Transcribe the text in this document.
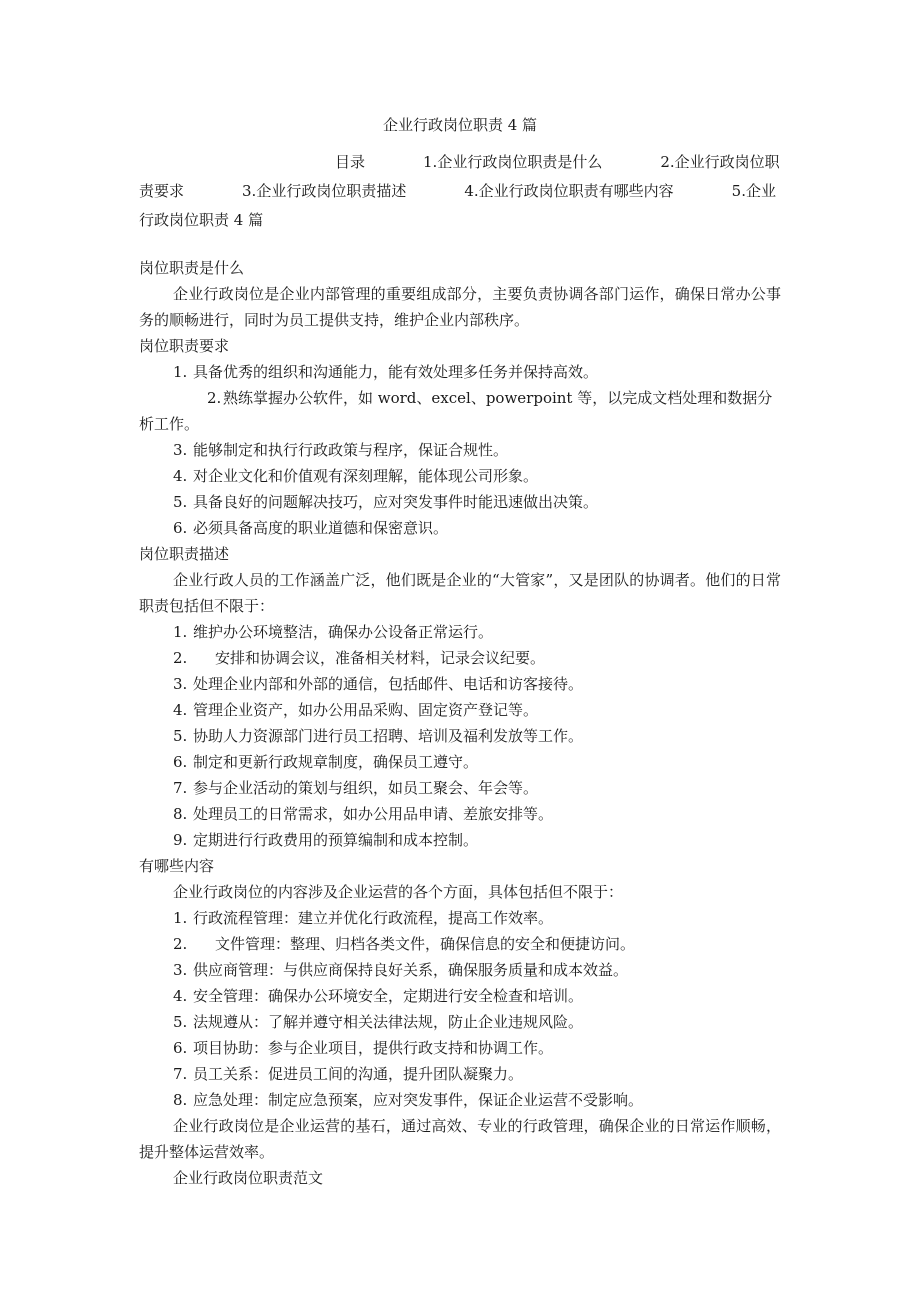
企业行政岗位职责 4 篇
目录  	1.企业行政岗位职责是什么  	2.企业行政岗位职责要求  	3.企业行政岗位职责描述  	4.企业行政岗位职责有哪些内容  	5.企业行政岗位职责 4 篇
岗位职责是什么
企业行政岗位是企业内部管理的重要组成部分，主要负责协调各部门运作，确保日常办公事务的顺畅进行，同时为员工提供支持，维护企业内部秩序。
岗位职责要求
1. 具备优秀的组织和沟通能力，能有效处理多任务并保持高效。
2.   熟练掌握办公软件，如 word、excel、powerpoint 等，以完成文档处理和数据分析工作。
3. 能够制定和执行行政政策与程序，保证合规性。
4. 对企业文化和价值观有深刻理解，能体现公司形象。
5. 具备良好的问题解决技巧，应对突发事件时能迅速做出决策。
6. 必须具备高度的职业道德和保密意识。
岗位职责描述
企业行政人员的工作涵盖广泛，他们既是企业的“大管家”，又是团队的协调者。他们的日常职责包括但不限于：
1. 维护办公环境整洁，确保办公设备正常运行。
2. 安排和协调会议，准备相关材料，记录会议纪要。
3. 处理企业内部和外部的通信，包括邮件、电话和访客接待。
4. 管理企业资产，如办公用品采购、固定资产登记等。
5. 协助人力资源部门进行员工招聘、培训及福利发放等工作。
6. 制定和更新行政规章制度，确保员工遵守。
7. 参与企业活动的策划与组织，如员工聚会、年会等。
8. 处理员工的日常需求，如办公用品申请、差旅安排等。
9. 定期进行行政费用的预算编制和成本控制。
有哪些内容
企业行政岗位的内容涉及企业运营的各个方面，具体包括但不限于：
1. 行政流程管理：建立并优化行政流程，提高工作效率。
2. 文件管理：整理、归档各类文件，确保信息的安全和便捷访问。
3. 供应商管理：与供应商保持良好关系，确保服务质量和成本效益。
4. 安全管理：确保办公环境安全，定期进行安全检查和培训。
5. 法规遵从：了解并遵守相关法律法规，防止企业违规风险。
6. 项目协助：参与企业项目，提供行政支持和协调工作。
7. 员工关系：促进员工间的沟通，提升团队凝聚力。
8. 应急处理：制定应急预案，应对突发事件，保证企业运营不受影响。
企业行政岗位是企业运营的基石，通过高效、专业的行政管理，确保企业的日常运作顺畅，提升整体运营效率。
企业行政岗位职责范文
